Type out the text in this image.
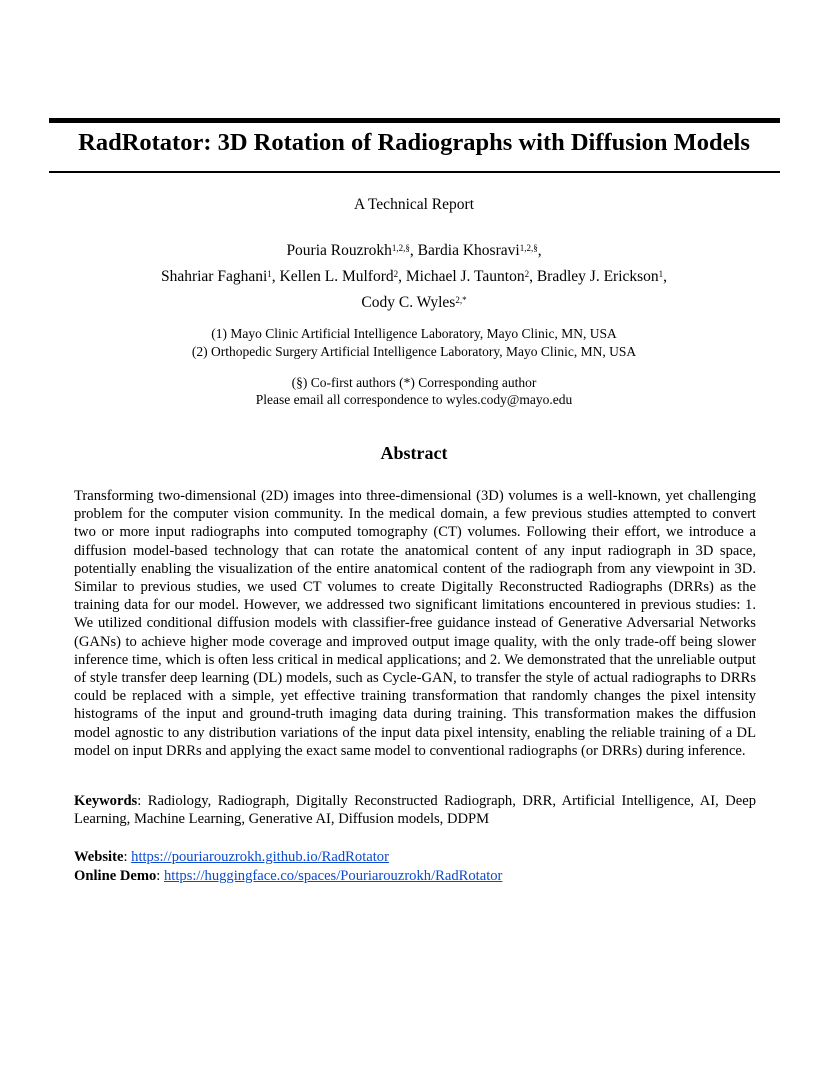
RadRotator: 3D Rotation of Radiographs with Diffusion Models
A Technical Report
Pouria Rouzrokh$^{1,2,\S}$, Bardia Khosravi$^{1,2,\S}$,
Shahriar Faghani$^1$, Kellen L. Mulford$^2$, Michael J. Taunton$^2$, Bradley J. Erickson$^1$,
Cody C. Wyles$^{2,*}$
(1) Mayo Clinic Artificial Intelligence Laboratory, Mayo Clinic, MN, USA
(2) Orthopedic Surgery Artificial Intelligence Laboratory, Mayo Clinic, MN, USA
(§) Co-first authors (*) Corresponding author
Please email all correspondence to wyles.cody@mayo.edu
Abstract

Transforming two-dimensional (2D) images into three-dimensional (3D) volumes is a well-known, yet challenging problem for the computer vision community. In the medical domain, a few previous studies attempted to convert two or more input radiographs into computed tomography (CT) volumes. Following their effort, we introduce a diffusion model-based technology that can rotate the anatomical content of any input radiograph in 3D space, potentially enabling the visualization of the entire anatomical content of the radiograph from any viewpoint in 3D. Similar to previous studies, we used CT volumes to create Digitally Reconstructed Radiographs (DRRs) as the training data for our model. However, we addressed two significant limitations encountered in previous studies: 1. We utilized conditional diffusion models with classifier-free guidance instead of Generative Adversarial Networks (GANs) to achieve higher mode coverage and improved output image quality, with the only trade-off being slower inference time, which is often less critical in medical applications; and 2. We demonstrated that the unreliable output of style transfer deep learning (DL) models, such as Cycle-GAN, to transfer the style of actual radiographs to DRRs could be replaced with a simple, yet effective training transformation that randomly changes the pixel intensity histograms of the input and ground-truth imaging data during training. This transformation makes the diffusion model agnostic to any distribution variations of the input data pixel intensity, enabling the reliable training of a DL model on input DRRs and applying the exact same model to conventional radiographs (or DRRs) during inference.

Keywords: Radiology, Radiograph, Digitally Reconstructed Radiograph, DRR, Artificial Intelligence, AI, Deep Learning, Machine Learning, Generative AI, Diffusion models, DDPM

Website: https://pouriarouzrokh.github.io/RadRotator
Online Demo: https://huggingface.co/spaces/Pouriarouzrokh/RadRotator
